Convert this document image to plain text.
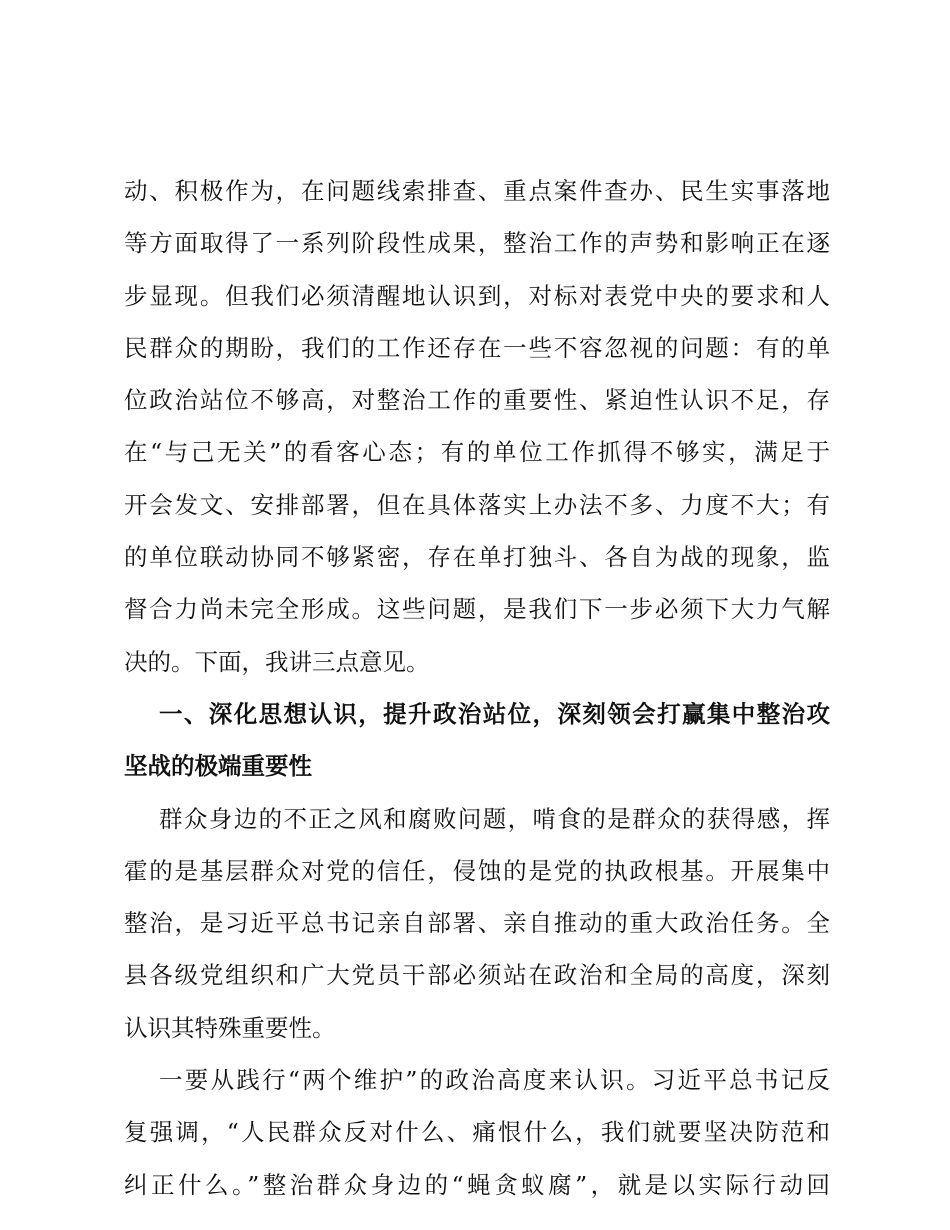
动、积极作为，在问题线索排查、重点案件查办、民生实事落地
等方面取得了一系列阶段性成果，整治工作的声势和影响正在逐
步显现。但我们必须清醒地认识到，对标对表党中央的要求和人
民群众的期盼，我们的工作还存在一些不容忽视的问题：有的单
位政治站位不够高，对整治工作的重要性、紧迫性认识不足，存
在“与己无关”的看客心态；有的单位工作抓得不够实，满足于
开会发文、安排部署，但在具体落实上办法不多、力度不大；有
的单位联动协同不够紧密，存在单打独斗、各自为战的现象，监
督合力尚未完全形成。这些问题，是我们下一步必须下大力气解
决的。下面，我讲三点意见。
一、深化思想认识，提升政治站位，深刻领会打赢集中整治攻
坚战的极端重要性
群众身边的不正之风和腐败问题，啃食的是群众的获得感，挥
霍的是基层群众对党的信任，侵蚀的是党的执政根基。开展集中
整治，是习近平总书记亲自部署、亲自推动的重大政治任务。全
县各级党组织和广大党员干部必须站在政治和全局的高度，深刻
认识其特殊重要性。
一要从践行“两个维护”的政治高度来认识。习近平总书记反
复强调，“人民群众反对什么、痛恨什么，我们就要坚决防范和
纠正什么。”整治群众身边的“蝇贪蚁腐”，就是以实际行动回
